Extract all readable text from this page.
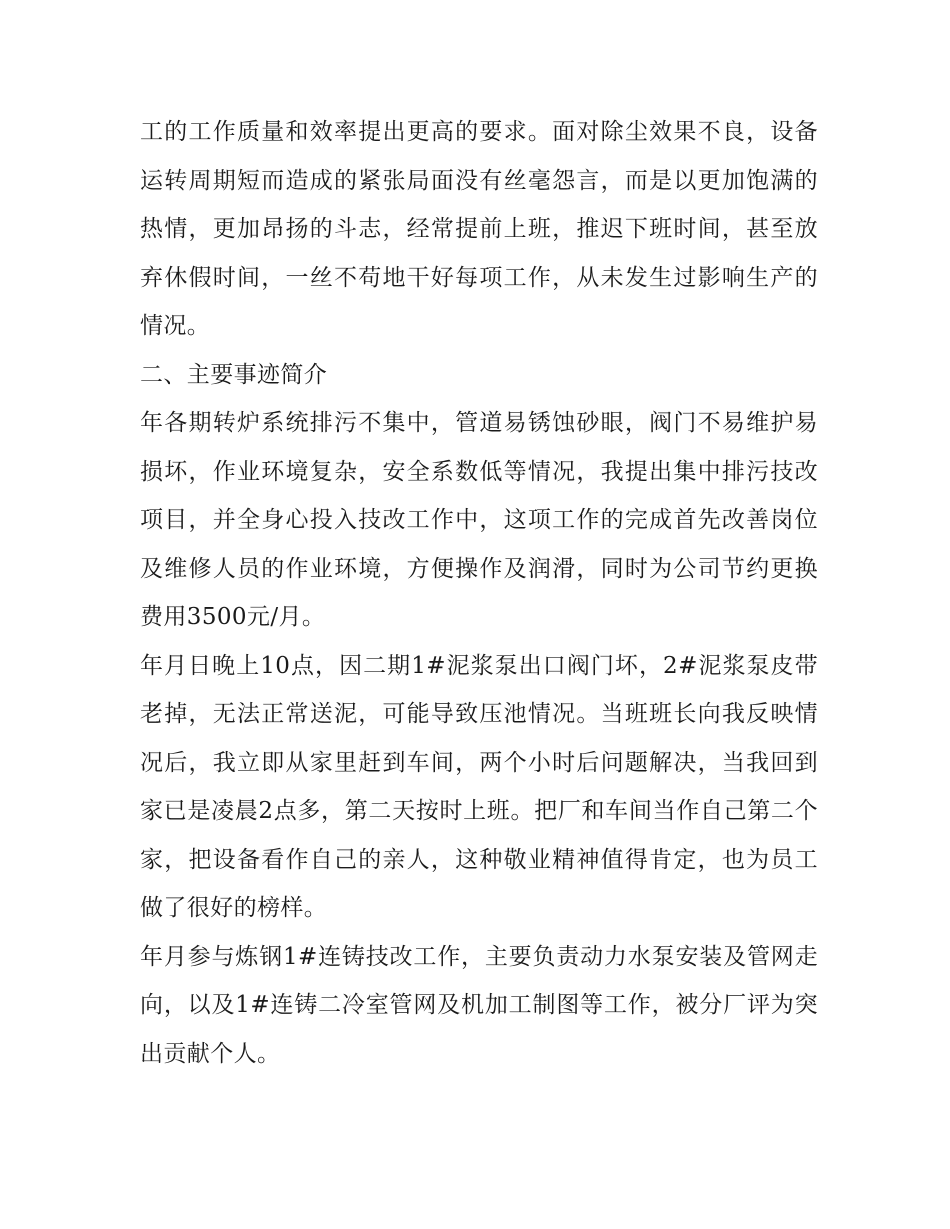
工的工作质量和效率提出更高的要求。面对除尘效果不良，设备运转周期短而造成的紧张局面没有丝毫怨言，而是以更加饱满的热情，更加昂扬的斗志，经常提前上班，推迟下班时间，甚至放弃休假时间，一丝不苟地干好每项工作，从未发生过影响生产的情况。

二、主要事迹简介

年各期转炉系统排污不集中，管道易锈蚀砂眼，阀门不易维护易损坏，作业环境复杂，安全系数低等情况，我提出集中排污技改项目，并全身心投入技改工作中，这项工作的完成首先改善岗位及维修人员的作业环境，方便操作及润滑，同时为公司节约更换费用3500元/月。

年月日晚上10点，因二期1#泥浆泵出口阀门坏，2#泥浆泵皮带老掉，无法正常送泥，可能导致压池情况。当班班长向我反映情况后，我立即从家里赶到车间，两个小时后问题解决，当我回到家已是凌晨2点多，第二天按时上班。把厂和车间当作自己第二个家，把设备看作自己的亲人，这种敬业精神值得肯定，也为员工做了很好的榜样。

年月参与炼钢1#连铸技改工作，主要负责动力水泵安装及管网走向，以及1#连铸二冷室管网及机加工制图等工作，被分厂评为突出贡献个人。
